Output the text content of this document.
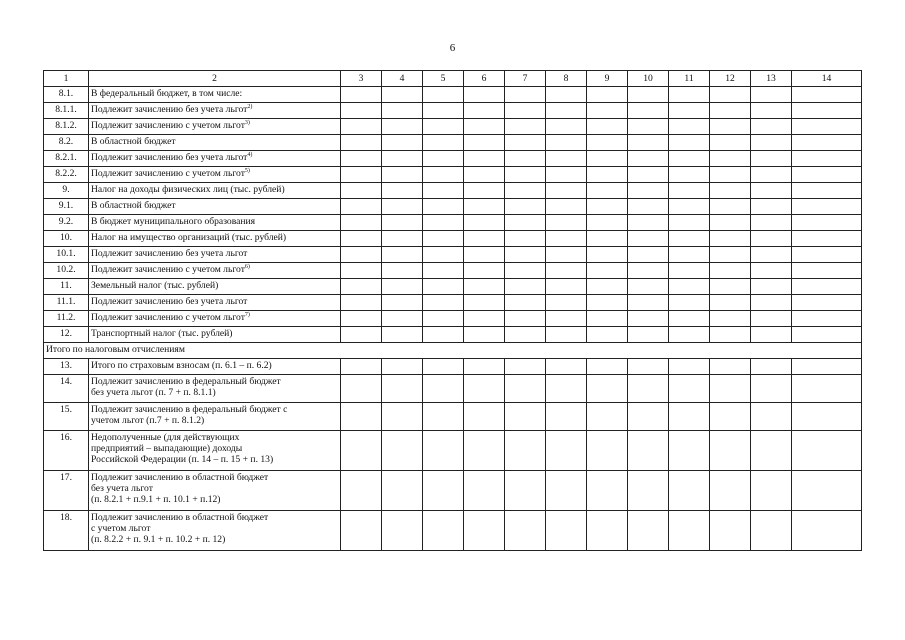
6
1	2	3	4	5	6	7	8	9	10	11	12	13	14
8.1.	В федеральный бюджет, в том числе:												

8.1.1.	Подлежит зачислению без учета льгот$^{2)}$

8.1.2.	Подлежит зачислению с учетом льгот$^{3)}$

8.2.	В областной бюджет												

8.2.1.	Подлежит зачислению без учета льгот$^{4)}$

8.2.2.	Подлежит зачислению с учетом льгот$^{5)}$

9.	Налог на доходы физических лиц (тыс. рублей)												

9.1.	В областной бюджет												

9.2.	В бюджет муниципального образования												

10.	Налог на имущество организаций (тыс. рублей)												

10.1.	Подлежит зачислению без учета льгот												

10.2.	Подлежит зачислению с учетом льгот$^{6)}$

11.	Земельный налог (тыс. рублей)												

11.1.	Подлежит зачислению без учета льгот												

11.2.	Подлежит зачислению с учетом льгот$^{7)}$

12.	Транспортный налог (тыс. рублей)												

Итого по налоговым отчислениям													
13.	Итого по страховым взносам (п. 6.1 – п. 6.2)												

14.	Подлежит зачислению в федеральный бюджет
без учета льгот (п. 7 + п. 8.1.1)												

15.	Подлежит зачислению в федеральный бюджет с
учетом льгот (п.7 + п. 8.1.2)												

16.	Недополученные (для действующих
предприятий – выпадающие) доходы
Российской Федерации (п. 14 – п. 15 + п. 13)												

17.	Подлежит зачислению в областной бюджет
без учета льгот
(п. 8.2.1 + п.9.1 + п. 10.1 + п.12)												

18.	Подлежит зачислению в областной бюджет
с учетом льгот
(п. 8.2.2 + п. 9.1 + п. 10.2 + п. 12)												
